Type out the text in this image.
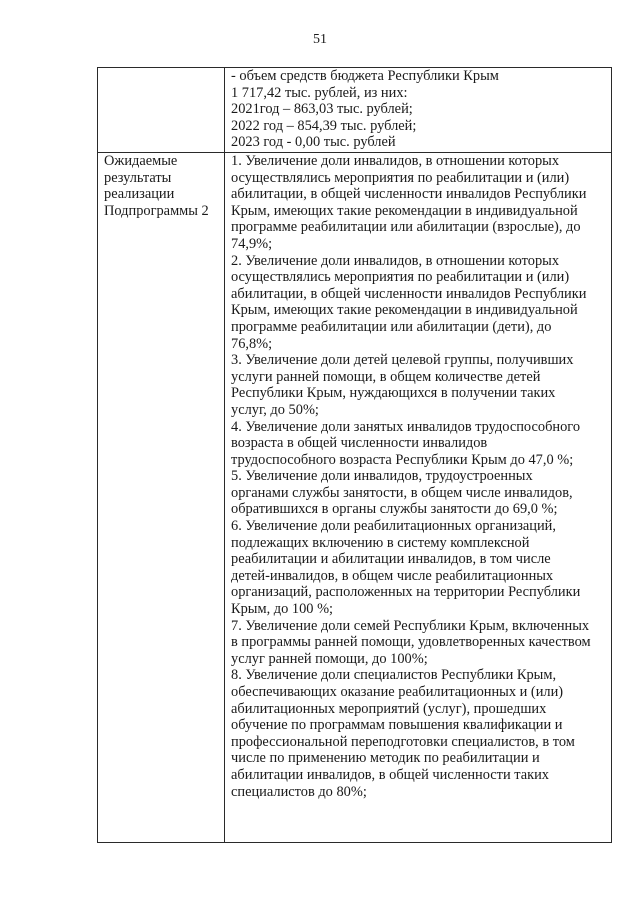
51
- объем средств бюджета Республики Крым
1 717,42 тыс. рублей, из них:
2021год – 863,03 тыс. рублей;
2022 год – 854,39 тыс. рублей;
2023 год - 0,00 тыс. рублей
Ожидаемые
результаты
реализации
Подпрограммы 2
1. Увеличение доли инвалидов, в отношении которых
осуществлялись мероприятия по реабилитации и (или)
абилитации, в общей численности инвалидов Республики
Крым, имеющих такие рекомендации в индивидуальной
программе реабилитации или абилитации (взрослые), до
74,9%;
2. Увеличение доли инвалидов, в отношении которых
осуществлялись мероприятия по реабилитации и (или)
абилитации, в общей численности инвалидов Республики
Крым, имеющих такие рекомендации в индивидуальной
программе реабилитации или абилитации (дети), до
76,8%;
3. Увеличение доли детей целевой группы, получивших
услуги ранней помощи, в общем количестве детей
Республики Крым, нуждающихся в получении таких
услуг, до 50%;
4. Увеличение доли занятых инвалидов трудоспособного
возраста в общей численности инвалидов
трудоспособного возраста Республики Крым до 47,0 %;
5. Увеличение доли инвалидов, трудоустроенных
органами службы занятости, в общем числе инвалидов,
обратившихся в органы службы занятости до 69,0 %;
6. Увеличение доли реабилитационных организаций,
подлежащих включению в систему комплексной
реабилитации и абилитации инвалидов, в том числе
детей-инвалидов, в общем числе реабилитационных
организаций, расположенных на территории Республики
Крым, до 100 %;
7. Увеличение доли семей Республики Крым, включенных
в программы ранней помощи, удовлетворенных качеством
услуг ранней помощи, до 100%;
8. Увеличение доли специалистов Республики Крым,
обеспечивающих оказание реабилитационных и (или)
абилитационных мероприятий (услуг), прошедших
обучение по программам повышения квалификации и
профессиональной переподготовки специалистов, в том
числе по применению методик по реабилитации и
абилитации инвалидов, в общей численности таких
специалистов до 80%;
